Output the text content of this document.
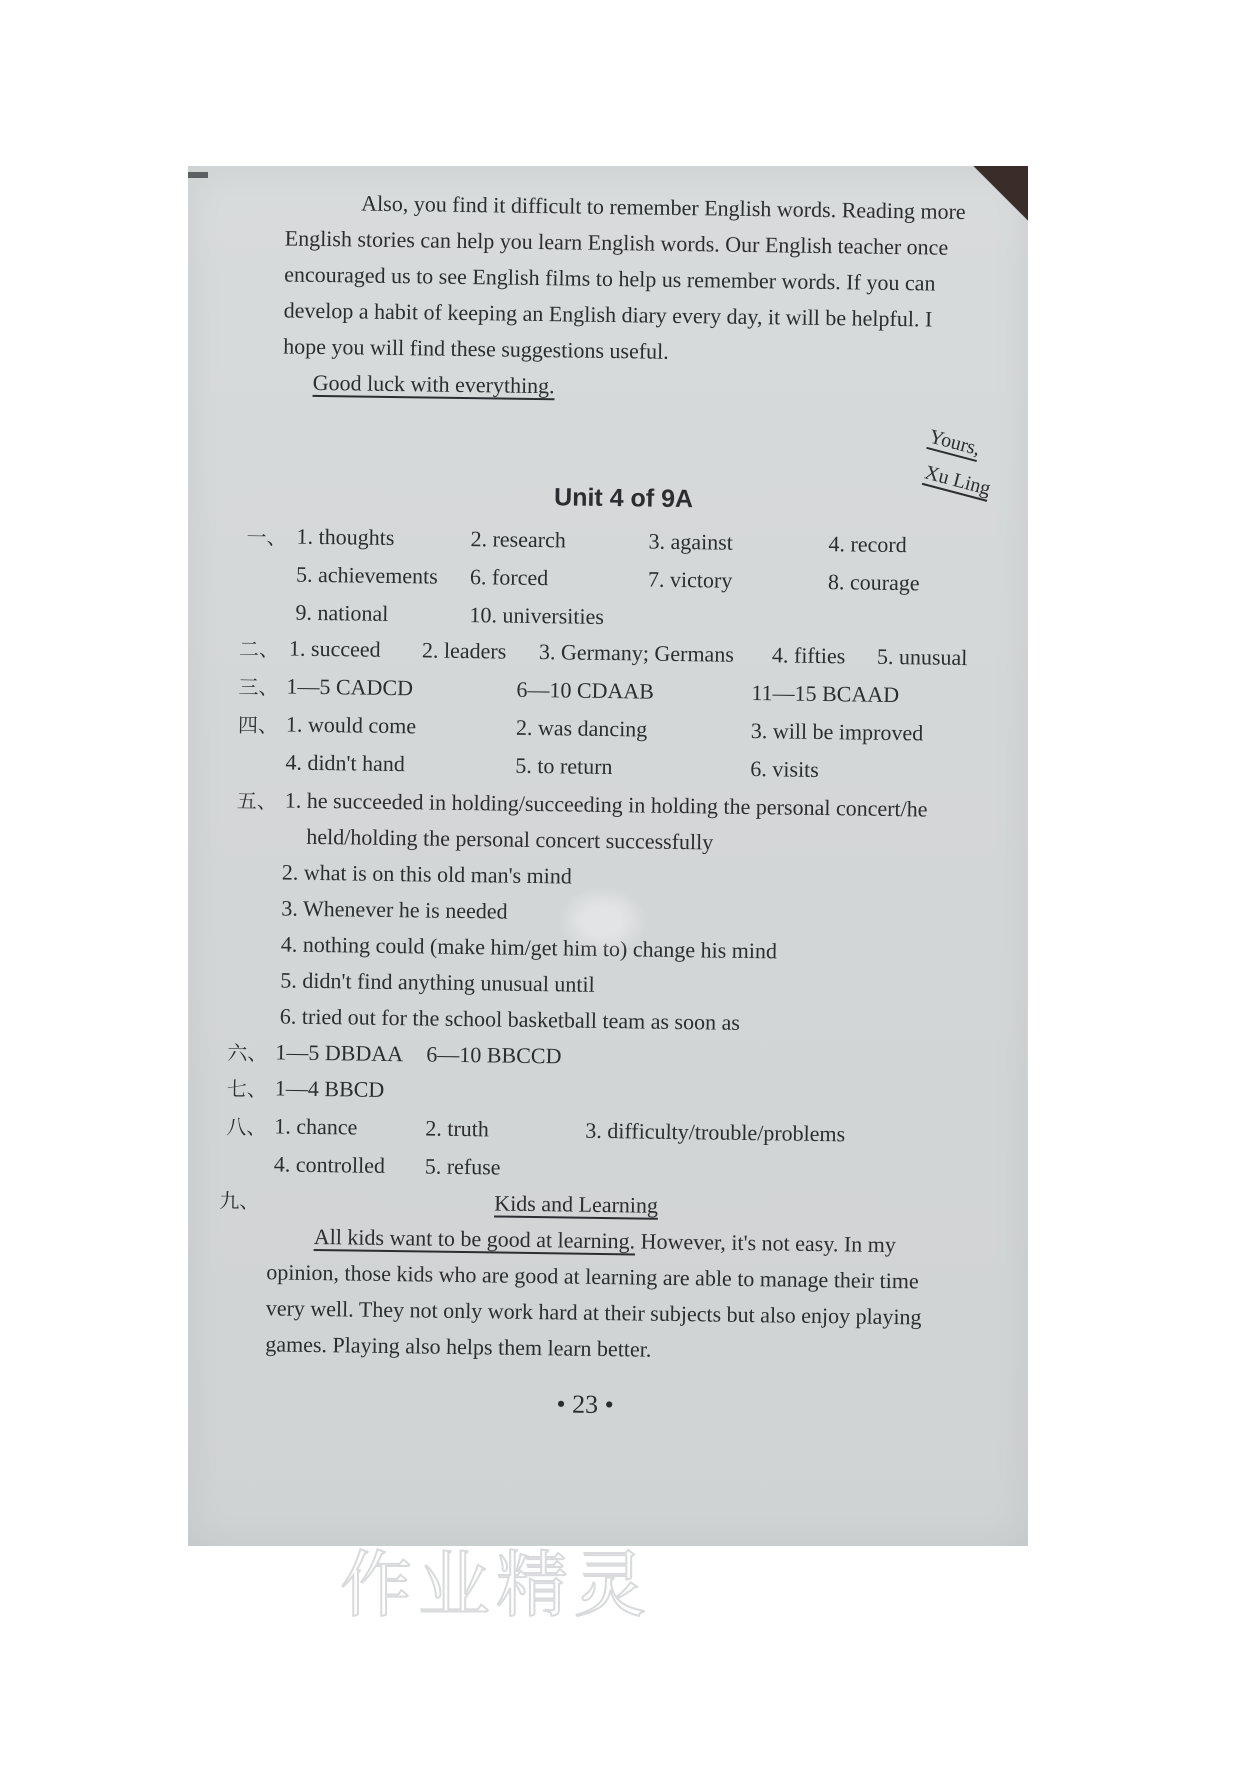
Also, you find it difficult to remember English words. Reading more
English stories can help you learn English words. Our English teacher once
encouraged us to see English films to help us remember words. If you can
develop a habit of keeping an English diary every day, it will be helpful. I
hope you will find these suggestions useful.
Good luck with everything.
Yours,
Xu Ling
Unit 4 of 9A
一、 1. thoughts	2. research	3. against	4. record
5. achievements 6. forced	7. victory	8. courage
9. national	10. universities
二、 1. succeed 2. leaders 3. Germany; Germans 4. fifties 5. unusual
三、 1—5 CADCD	6—10 CDAAB	11—15 BCAAD
四、 1. would come	2. was dancing	3. will be improved
4. didn't hand	5. to return	6. visits
五、 1. he succeeded in holding/succeeding in holding the personal concert/he
held/holding the personal concert successfully
2. what is on this old man's mind
3. Whenever he is needed
4. nothing could (make him/get him to) change his mind
5. didn't find anything unusual until
6. tried out for the school basketball team as soon as
六、 1—5 DBDAA 6—10 BBCCD
七、 1—4 BBCD
八、 1. chance	2. truth	3. difficulty/trouble/problems
4. controlled 5. refuse
九、	Kids and Learning
All kids want to be good at learning. However, it's not easy. In my
opinion, those kids who are good at learning are able to manage their time
very well. They not only work hard at their subjects but also enjoy playing
games. Playing also helps them learn better.
• 23 •
作业精灵
